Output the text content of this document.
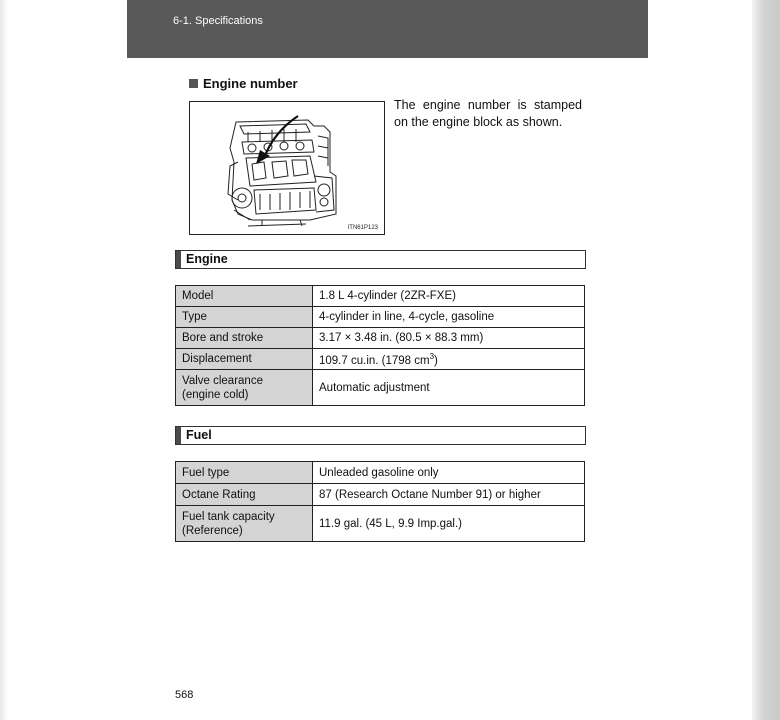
6-1. Specifications
Engine number
ITN61P123
The engine number is stamped on the engine block as shown.
Engine
Model	1.8 L 4-cylinder (2ZR-FXE)
Type	4-cylinder in line, 4-cycle, gasoline
Bore and stroke	3.17 × 3.48 in. (80.5 × 88.3 mm)
Displacement	109.7 cu.in. (1798 $cm^3$)
Valve clearance
(engine cold)	Automatic adjustment
Fuel
Fuel type	Unleaded gasoline only
Octane Rating	87 (Research Octane Number 91) or higher
Fuel tank capacity
(Reference)	11.9 gal. (45 L, 9.9 Imp.gal.)
568
